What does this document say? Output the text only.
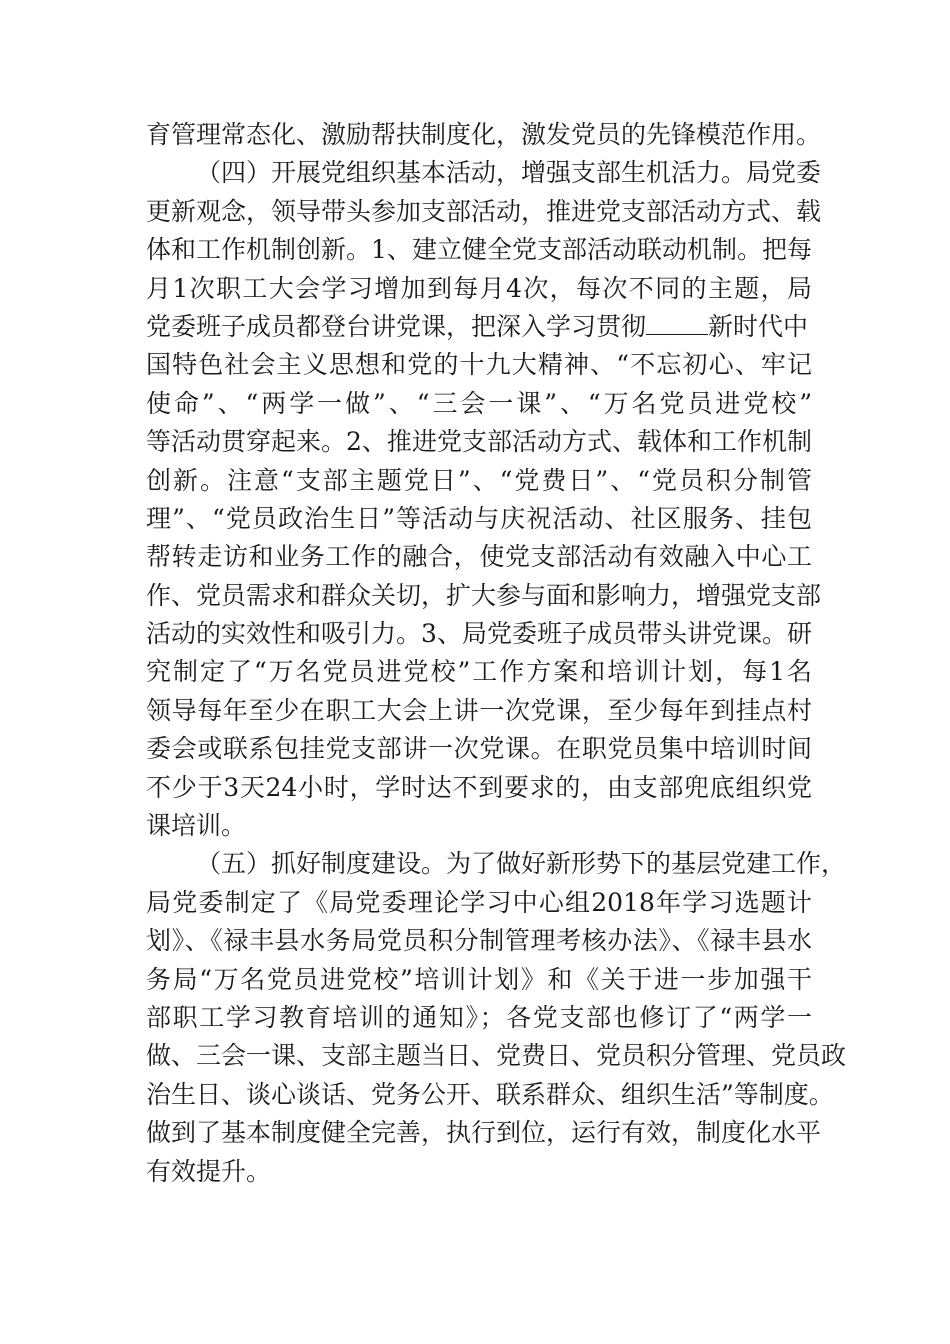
育管理常态化、激励帮扶制度化，激发党员的先锋模范作用。
（四）开展党组织基本活动，增强支部生机活力。局党委
更新观念，领导带头参加支部活动，推进党支部活动方式、载
体和工作机制创新。1、建立健全党支部活动联动机制。把每
月1次职工大会学习增加到每月4次，每次不同的主题，局
党委班子成员都登台讲党课，把深入学习贯彻 新时代中
国特色社会主义思想和党的十九大精神、“不忘初心、牢记
使命”、“两学一做”、“三会一课”、“万名党员进党校”
等活动贯穿起来。2、推进党支部活动方式、载体和工作机制
创新。注意“支部主题党日”、“党费日”、“党员积分制管
理”、“党员政治生日”等活动与庆祝活动、社区服务、挂包
帮转走访和业务工作的融合，使党支部活动有效融入中心工
作、党员需求和群众关切，扩大参与面和影响力，增强党支部
活动的实效性和吸引力。3、局党委班子成员带头讲党课。研
究制定了“万名党员进党校”工作方案和培训计划，每1名
领导每年至少在职工大会上讲一次党课，至少每年到挂点村
委会或联系包挂党支部讲一次党课。在职党员集中培训时间
不少于3天24小时，学时达不到要求的，由支部兜底组织党
课培训。
（五）抓好制度建设。为了做好新形势下的基层党建工作，
局党委制定了《局党委理论学习中心组2018年学习选题计
划》、《禄丰县水务局党员积分制管理考核办法》、《禄丰县水
务局“万名党员进党校”培训计划》和《关于进一步加强干
部职工学习教育培训的通知》；各党支部也修订了“两学一
做、三会一课、支部主题当日、党费日、党员积分管理、党员政
治生日、谈心谈话、党务公开、联系群众、组织生活”等制度。
做到了基本制度健全完善，执行到位，运行有效，制度化水平
有效提升。
